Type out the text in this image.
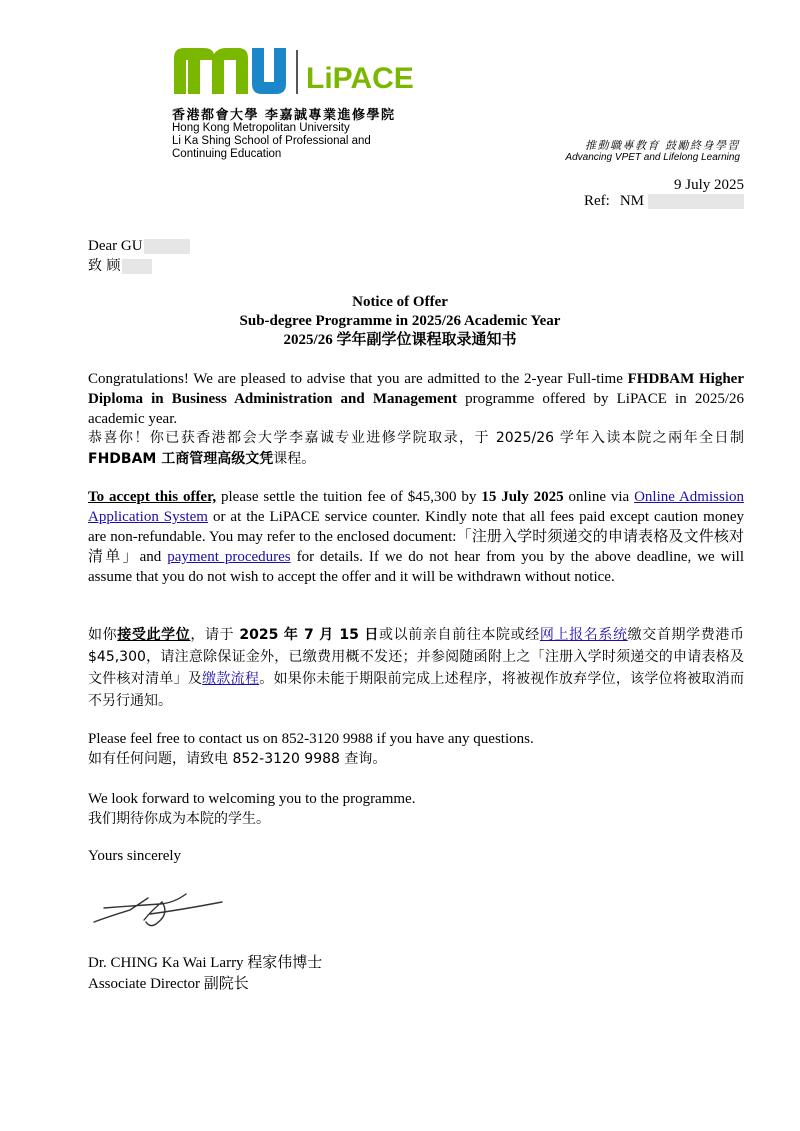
LiPACE
香港都會大學 李嘉誠專業進修學院
Hong Kong Metropolitan University
Li Ka Shing School of Professional and
Continuing Education
推動職專教育 鼓勵終身學習
Advancing VPET and Lifelong Learning
9 July 2025
Ref: NM
Dear GU
致 顾
Notice of Offer
Sub-degree Programme in 2025/26 Academic Year
2025/26 学年副学位课程取录通知书
Congratulations! We are pleased to advise that you are admitted to the 2-year Full-time FHDBAM Higher Diploma in Business Administration and Management programme offered by LiPACE in 2025/26 academic year.
恭喜你！你已获香港都会大学李嘉诚专业进修学院取录，于 2025/26 学年入读本院之兩年全日制 FHDBAM 工商管理高级文凭课程。
To accept this offer, please settle the tuition fee of $45,300 by 15 July 2025 online via Online Admission Application System or at the LiPACE service counter. Kindly note that all fees paid except caution money are non-refundable. You may refer to the enclosed document:「注册入学时须递交的申请表格及文件核对清单」and payment procedures for details. If we do not hear from you by the above deadline, we will assume that you do not wish to accept the offer and it will be withdrawn without notice.
如你接受此学位，请于 2025 年 7 月 15 日或以前亲自前往本院或经网上报名系统缴交首期学费港币$45,300，请注意除保证金外，已缴费用概不发还；并参阅随函附上之「注册入学时须递交的申请表格及文件核对清单」及缴款流程。如果你未能于期限前完成上述程序，将被视作放弃学位，该学位将被取消而不另行通知。
Please feel free to contact us on 852-3120 9988 if you have any questions.
如有任何问题，请致电 852-3120 9988 查询。
We look forward to welcoming you to the programme.
我们期待你成为本院的学生。
Yours sincerely
Dr. CHING Ka Wai Larry 程家伟博士
Associate Director 副院长
